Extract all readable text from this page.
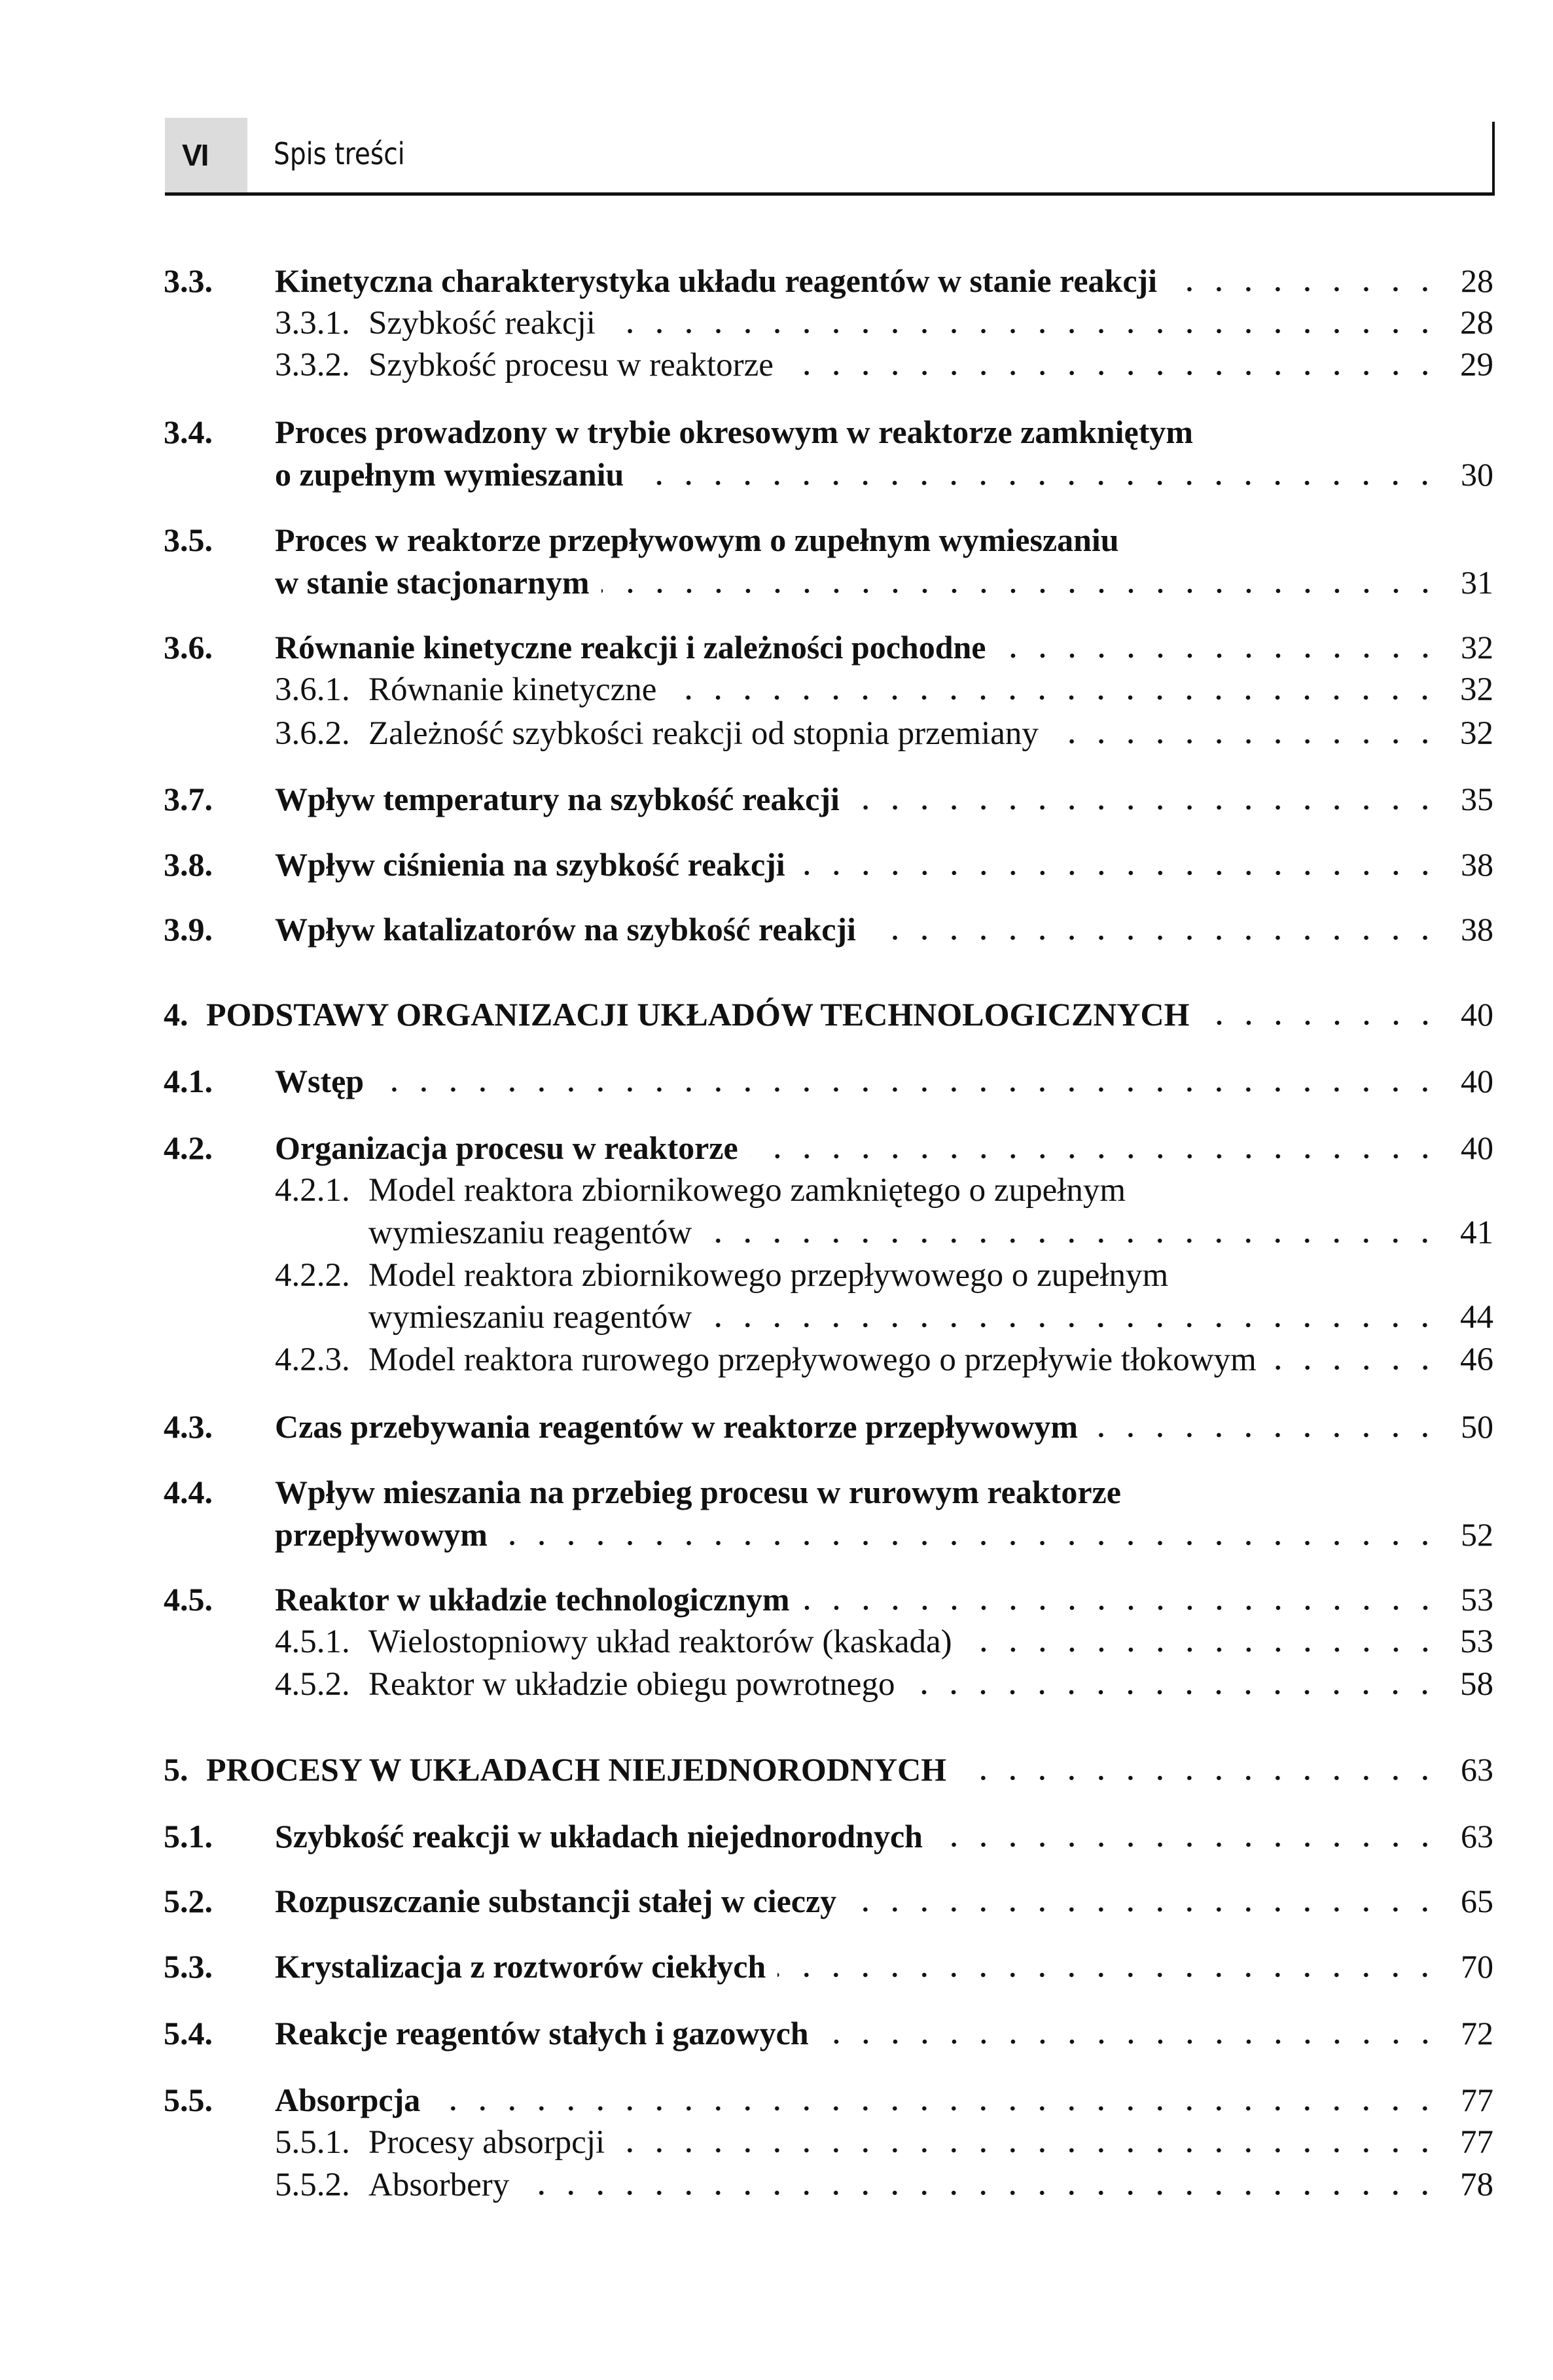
VI Spis treści
3.3. Kinetyczna charakterystyka układu reagentów w stanie reakcji	28
3.3.1. Szybkość reakcji	28
3.3.2. Szybkość procesu w reaktorze	29
3.4. Proces prowadzony w trybie okresowym w reaktorze zamkniętym
o zupełnym wymieszaniu	30
3.5. Proces w reaktorze przepływowym o zupełnym wymieszaniu
w stanie stacjonarnym	31
3.6. Równanie kinetyczne reakcji i zależności pochodne	32
3.6.1. Równanie kinetyczne	32
3.6.2. Zależność szybkości reakcji od stopnia przemiany	32
3.7. Wpływ temperatury na szybkość reakcji	35
3.8. Wpływ ciśnienia na szybkość reakcji	38
3.9. Wpływ katalizatorów na szybkość reakcji	38
4. PODSTAWY ORGANIZACJI UKŁADÓW TECHNOLOGICZNYCH	40
4.1. Wstęp	40
4.2. Organizacja procesu w reaktorze	40
4.2.1. Model reaktora zbiornikowego zamkniętego o zupełnym
wymieszaniu reagentów	41
4.2.2. Model reaktora zbiornikowego przepływowego o zupełnym
wymieszaniu reagentów	44
4.2.3. Model reaktora rurowego przepływowego o przepływie tłokowym	46
4.3. Czas przebywania reagentów w reaktorze przepływowym	50
4.4. Wpływ mieszania na przebieg procesu w rurowym reaktorze
przepływowym	52
4.5. Reaktor w układzie technologicznym	53
4.5.1. Wielostopniowy układ reaktorów (kaskada)	53
4.5.2. Reaktor w układzie obiegu powrotnego	58
5. PROCESY W UKŁADACH NIEJEDNORODNYCH	63
5.1. Szybkość reakcji w układach niejednorodnych	63
5.2. Rozpuszczanie substancji stałej w cieczy	65
5.3. Krystalizacja z roztworów ciekłych	70
5.4. Reakcje reagentów stałych i gazowych	72
5.5. Absorpcja	77
5.5.1. Procesy absorpcji	77
5.5.2. Absorbery	78
